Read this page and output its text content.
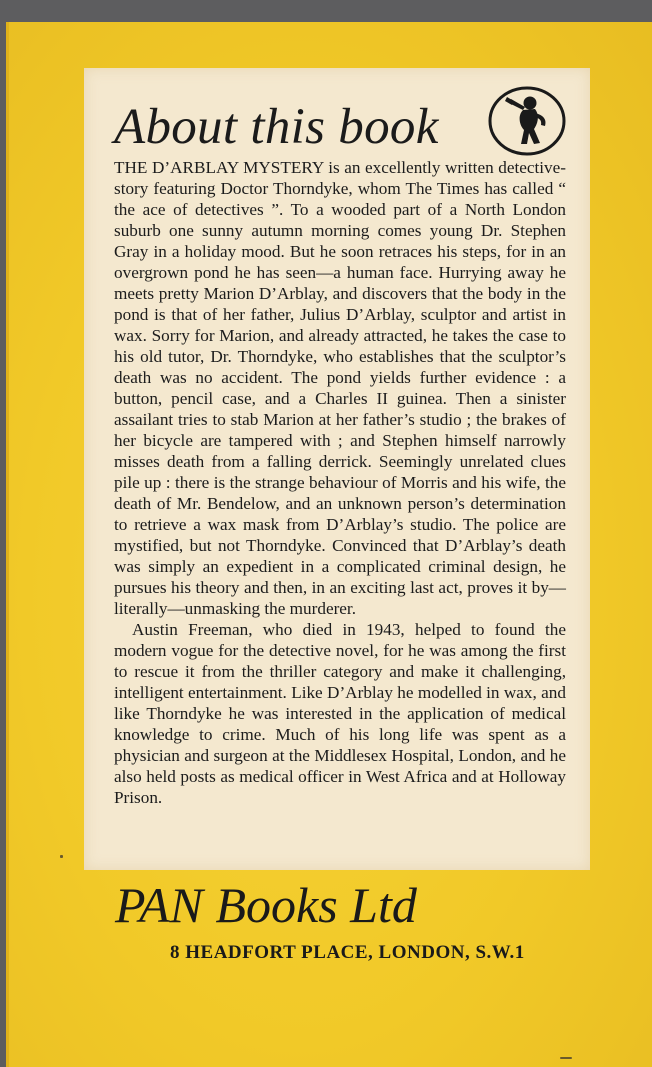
About this book

THE D’ARBLAY MYSTERY is an excellently written detective-story featuring Doctor Thorndyke, whom The Times has called “ the ace of detectives ”. To a wooded part of a North London suburb one sunny autumn morning comes young Dr. Stephen Gray in a holiday mood. But he soon retraces his steps, for in an overgrown pond he has seen—a human face. Hurrying away he meets pretty Marion D’Arblay, and discovers that the body in the pond is that of her father, Julius D’Arblay, sculptor and artist in wax. Sorry for Marion, and already attracted, he takes the case to his old tutor, Dr. Thorndyke, who establishes that the sculptor’s death was no accident. The pond yields further evidence : a button, pencil case, and a Charles II guinea. Then a sinister assailant tries to stab Marion at her father’s studio ; the brakes of her bicycle are tampered with ; and Stephen himself narrowly misses death from a falling derrick. Seemingly unrelated clues pile up : there is the strange behaviour of Morris and his wife, the death of Mr. Bendelow, and an unknown person’s determination to retrieve a wax mask from D’Arblay’s studio. The police are mystified, but not Thorndyke. Convinced that D’Arblay’s death was simply an expedient in a complicated criminal design, he pursues his theory and then, in an exciting last act, proves it by—literally—unmasking the murderer.

Austin Freeman, who died in 1943, helped to found the modern vogue for the detective novel, for he was among the first to rescue it from the thriller category and make it challenging, intelligent entertainment. Like D’Arblay he modelled in wax, and like Thorndyke he was interested in the application of medical knowledge to crime. Much of his long life was spent as a physician and surgeon at the Middlesex Hospital, London, and he also held posts as medical officer in West Africa and at Holloway Prison.

PAN Books Ltd
8 HEADFORT PLACE, LONDON, S.W.1
